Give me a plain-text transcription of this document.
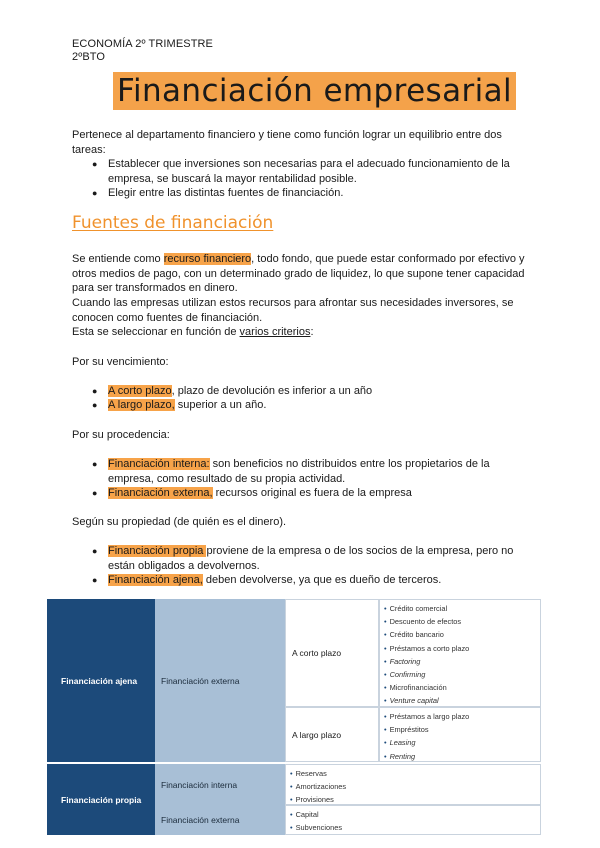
ECONOMÍA 2º TRIMESTRE
2ºBTO
Financiación empresarial
Pertenece al departamento financiero y tiene como función lograr un equilibrio entre dos tareas:
● Establecer que inversiones son necesarias para el adecuado funcionamiento de la empresa, se buscará la mayor rentabilidad posible.
● Elegir entre las distintas fuentes de financiación.
Fuentes de financiación
Se entiende como recurso financiero, todo fondo, que puede estar conformado por efectivo y otros medios de pago, con un determinado grado de liquidez, lo que supone tener capacidad para ser transformados en dinero.
Cuando las empresas utilizan estos recursos para afrontar sus necesidades inversores, se conocen como fuentes de financiación.
Esta se seleccionar en función de varios criterios:
Por su vencimiento:
● A corto plazo, plazo de devolución es inferior a un año
● A largo plazo, superior a un año.
Por su procedencia:
● Financiación interna: son beneficios no distribuidos entre los propietarios de la empresa, como resultado de su propia actividad.
● Financiación externa, recursos original es fuera de la empresa
Según su propiedad (de quién es el dinero).
● Financiación propia proviene de la empresa o de los socios de la empresa, pero no están obligados a devolvernos.
● Financiación ajena, deben devolverse, ya que es dueño de terceros.
Financiación ajena
Financiación propia
Financiación externa
Financiación interna
Financiación externa
A corto plazo
A largo plazo
• Crédito comercial
• Descuento de efectos
• Crédito bancario
• Préstamos a corto plazo
• Factoring
• Confirming
• Microfinanciación
• Venture capital
• Préstamos a largo plazo
• Empréstitos
• Leasing
• Renting
• Reservas
• Amortizaciones
• Provisiones
• Capital
• Subvenciones
